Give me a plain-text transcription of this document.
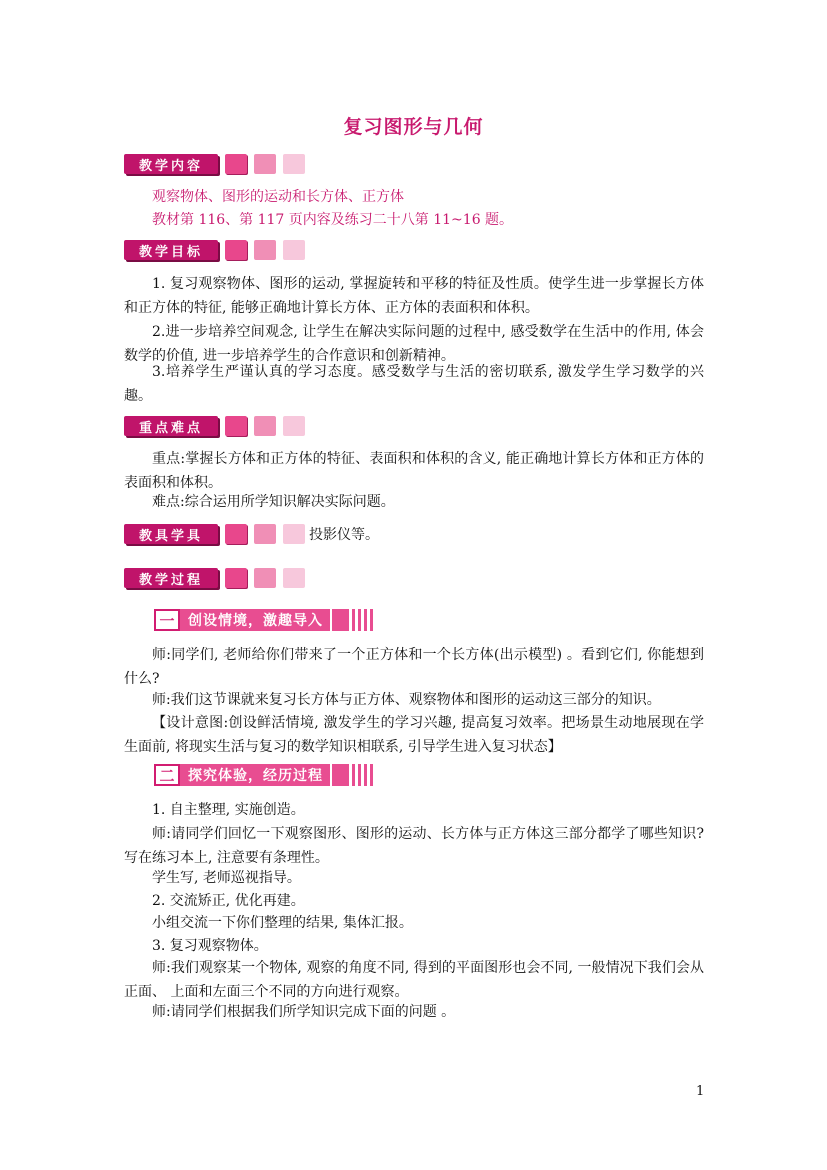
复习图形与几何
教学内容

观察物体、图形的运动和长方体、正方体

教材第 116、第 117 页内容及练习二十八第 11~16 题。

教学目标

1. 复习观察物体、图形的运动, 掌握旋转和平移的特征及性质。使学生进一步掌握长方体和正方体的特征, 能够正确地计算长方体、正方体的表面积和体积。

2.进一步培养空间观念, 让学生在解决实际问题的过程中, 感受数学在生活中的作用, 体会数学的价值, 进一步培养学生的合作意识和创新精神。

3.培养学生严谨认真的学习态度。感受数学与生活的密切联系, 激发学生学习数学的兴趣。

重点难点

重点:掌握长方体和正方体的特征、表面积和体积的含义, 能正确地计算长方体和正方体的表面积和体积。

难点:综合运用所学知识解决实际问题。

教具学具	投影仪等。
教学过程
一 创设情境，激趣导入

师:同学们, 老师给你们带来了一个正方体和一个长方体(出示模型) 。看到它们, 你能想到什么?

师:我们这节课就来复习长方体与正方体、观察物体和图形的运动这三部分的知识。

【设计意图:创设鲜活情境, 激发学生的学习兴趣, 提高复习效率。把场景生动地展现在学生面前, 将现实生活与复习的数学知识相联系, 引导学生进入复习状态】

二 探究体验，经历过程

1. 自主整理, 实施创造。

师:请同学们回忆一下观察图形、图形的运动、长方体与正方体这三部分都学了哪些知识?写在练习本上, 注意要有条理性。

学生写, 老师巡视指导。

2. 交流矫正, 优化再建。

小组交流一下你们整理的结果, 集体汇报。

3. 复习观察物体。

师:我们观察某一个物体, 观察的角度不同, 得到的平面图形也会不同, 一般情况下我们会从正面、 上面和左面三个不同的方向进行观察。

师:请同学们根据我们所学知识完成下面的问题 。

1
